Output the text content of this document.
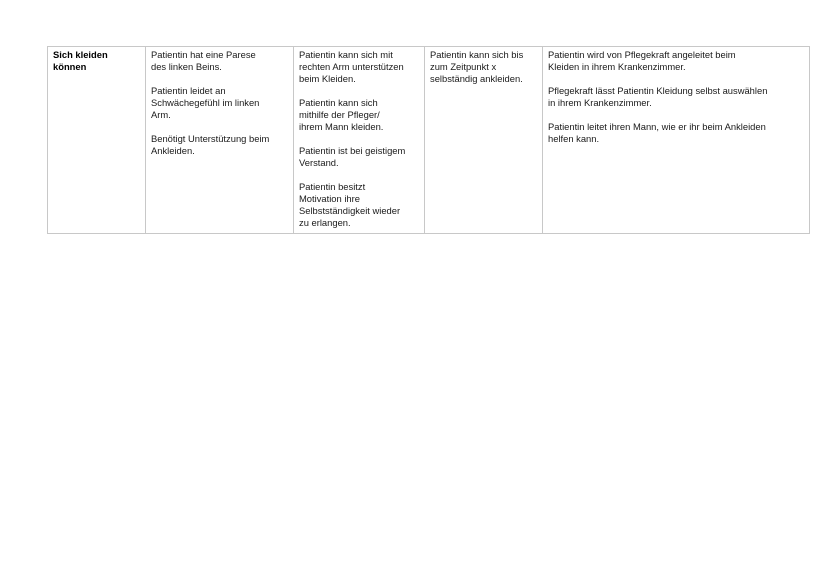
Sich kleiden
können

Patientin hat eine Parese
des linken Beins.
Patientin leidet an
Schwächegefühl im linken
Arm.
Benötigt Unterstützung beim
Ankleiden.

Patientin kann sich mit
rechten Arm unterstützen
beim Kleiden.
Patientin kann sich
mithilfe der Pfleger/
ihrem Mann kleiden.
Patientin ist bei geistigem
Verstand.
Patientin besitzt
Motivation ihre
Selbstständigkeit wieder
zu erlangen.

Patientin kann sich bis
zum Zeitpunkt x
selbständig ankleiden.

Patientin wird von Pflegekraft angeleitet beim
Kleiden in ihrem Krankenzimmer.
Pflegekraft lässt Patientin Kleidung selbst auswählen
in ihrem Krankenzimmer.
Patientin leitet ihren Mann, wie er ihr beim Ankleiden
helfen kann.
